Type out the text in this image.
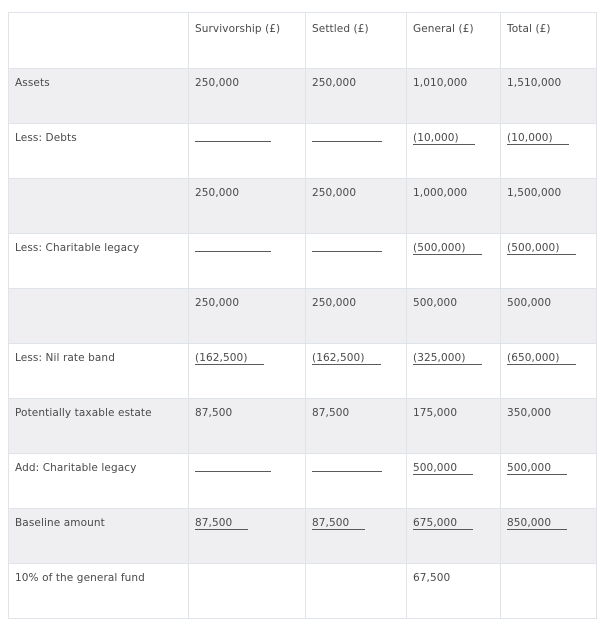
	Survivorship (£)	Settled (£)	General (£)	Total (£)
Assets	250,000	250,000	1,010,000	1,510,000
Less: Debts			(10,000)	(10,000)
	250,000	250,000	1,000,000	1,500,000
Less: Charitable legacy			(500,000)	(500,000)
	250,000	250,000	500,000	500,000
Less: Nil rate band	(162,500)	(162,500)	(325,000)	(650,000)
Potentially taxable estate	87,500	87,500	175,000	350,000
Add: Charitable legacy			500,000	500,000
Baseline amount	87,500	87,500	675,000	850,000
10% of the general fund			67,500	
